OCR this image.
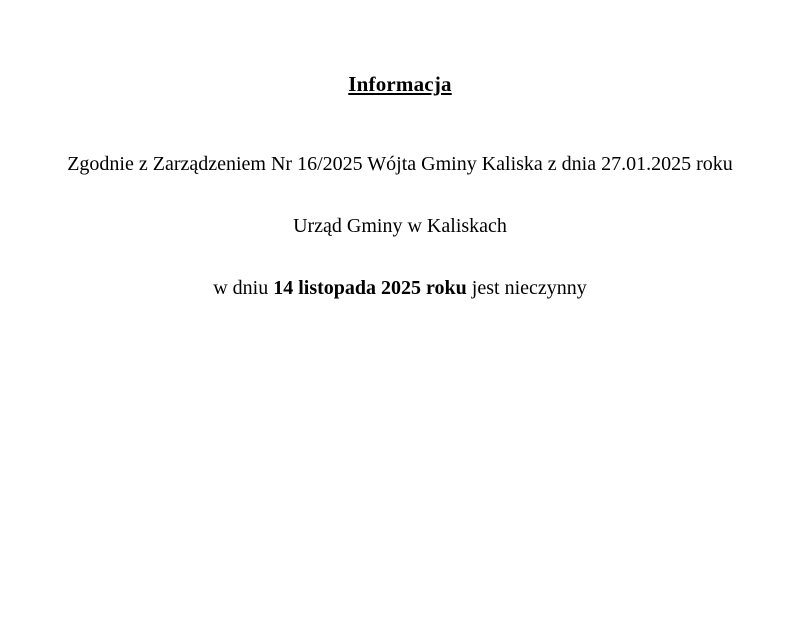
Informacja

Zgodnie z Zarządzeniem Nr 16/2025 Wójta Gminy Kaliska z dnia 27.01.2025 roku

Urząd Gminy w Kaliskach

w dniu 14 listopada 2025 roku jest nieczynny
